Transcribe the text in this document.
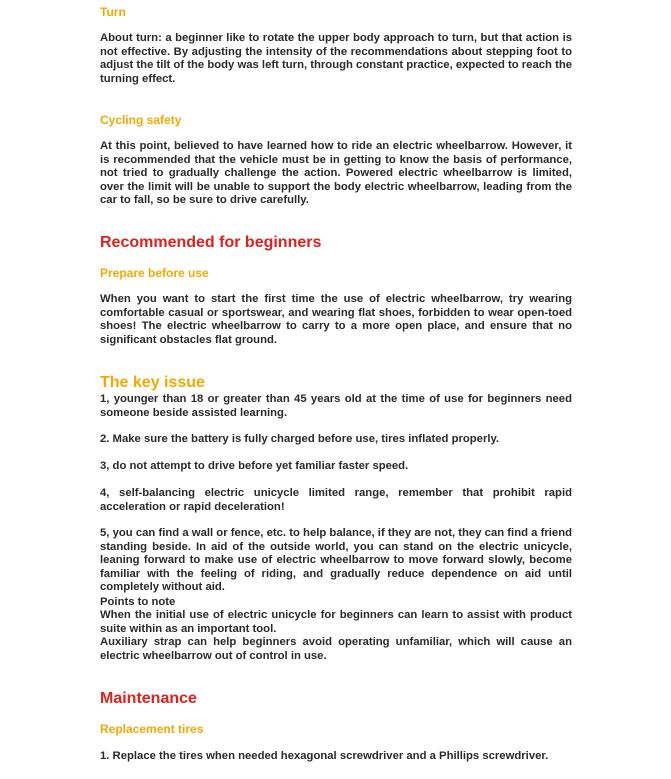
Turn
About turn: a beginner like to rotate the upper body approach to turn, but that action is not effective. By adjusting the intensity of the recommendations about stepping foot to adjust the tilt of the body was left turn, through constant practice, expected to reach the turning effect.
Cycling safety
At this point, believed to have learned how to ride an electric wheelbarrow. However, it is recommended that the vehicle must be in getting to know the basis of performance, not tried to gradually challenge the action. Powered electric wheelbarrow is limited, over the limit will be unable to support the body electric wheelbarrow, leading from the car to fall, so be sure to drive carefully.
Recommended for beginners
Prepare before use
When you want to start the first time the use of electric wheelbarrow, try wearing comfortable casual or sportswear, and wearing flat shoes, forbidden to wear open-toed shoes! The electric wheelbarrow to carry to a more open place, and ensure that no significant obstacles flat ground.
The key issue
1, younger than 18 or greater than 45 years old at the time of use for beginners need someone beside assisted learning.
2. Make sure the battery is fully charged before use, tires inflated properly.
3, do not attempt to drive before yet familiar faster speed.
4, self-balancing electric unicycle limited range, remember that prohibit rapid acceleration or rapid deceleration!
5, you can find a wall or fence, etc. to help balance, if they are not, they can find a friend standing beside. In aid of the outside world, you can stand on the electric unicycle, leaning forward to make use of electric wheelbarrow to move forward slowly, become familiar with the feeling of riding, and gradually reduce dependence on aid until completely without aid.
Points to note
When the initial use of electric unicycle for beginners can learn to assist with product suite within as an important tool.
Auxiliary strap can help beginners avoid operating unfamiliar, which will cause an electric wheelbarrow out of control in use.
Maintenance
Replacement tires
1. Replace the tires when needed hexagonal screwdriver and a Phillips screwdriver.
